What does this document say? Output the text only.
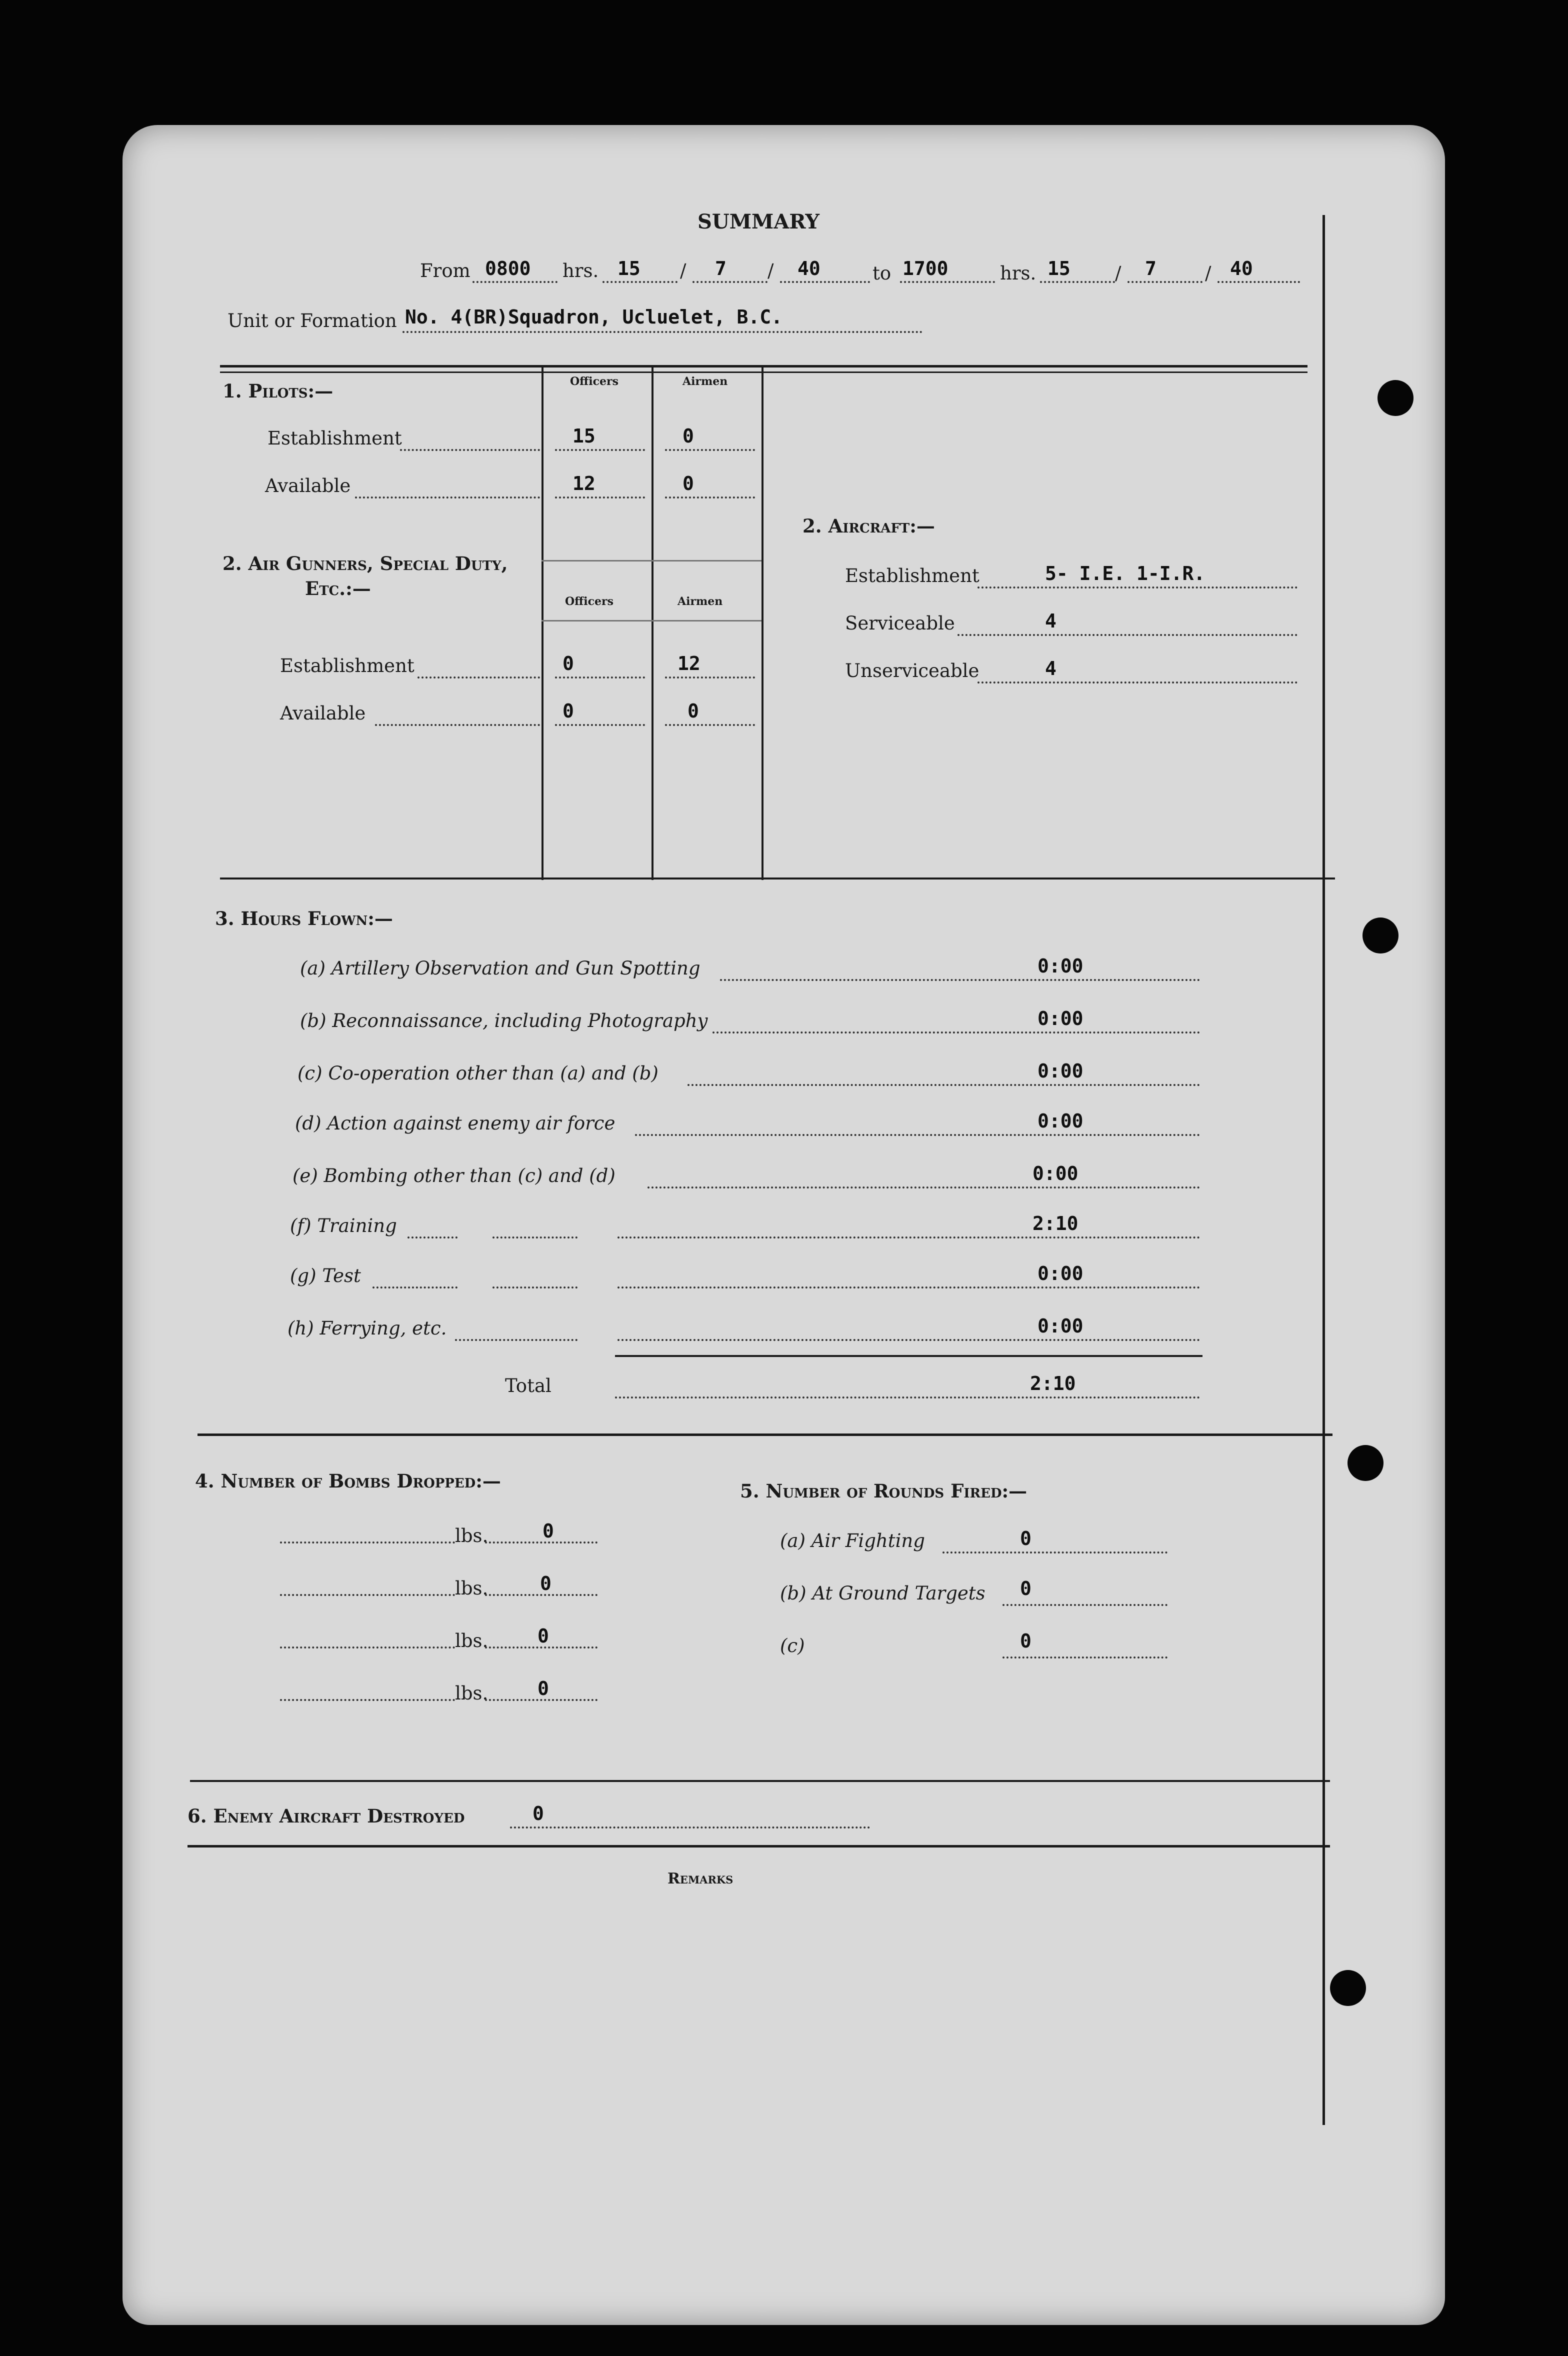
SUMMARY
From 0800 hrs. 15 / 7 / 40	to 1700	hrs. 15 / 7	/ 40
Unit or Formation No. 4(BR)Squadron, Ucluelet, B.C.
1. Pilots:—	Officers	Airmen
Establishment	15	0
Available	12	0
2. Air Gunners, Special Duty,
Etc.:—
Officers	Airmen
Establishment	0	12
Available	0	0
2. Aircraft:—
Establishment	5- I.E. 1-I.R.
Serviceable	4
Unserviceable	4
3. Hours Flown:—
(a) Artillery Observation and Gun Spotting	0:00
(b) Reconnaissance, including Photography	0:00
(c) Co-operation other than (a) and (b)	0:00
(d) Action against enemy air force	0:00
(e) Bombing other than (c) and (d)	0:00
(f) Training	2:10
(g) Test	0:00
(h) Ferrying, etc.	0:00
Total	2:10
4. Number of Bombs Dropped:—
lbs.	0
lbs.	0
lbs.	0
lbs.	0
5. Number of Rounds Fired:—
(a) Air Fighting	0
(b) At Ground Targets 0
(c)	0
6. Enemy Aircraft Destroyed	0
Remarks
